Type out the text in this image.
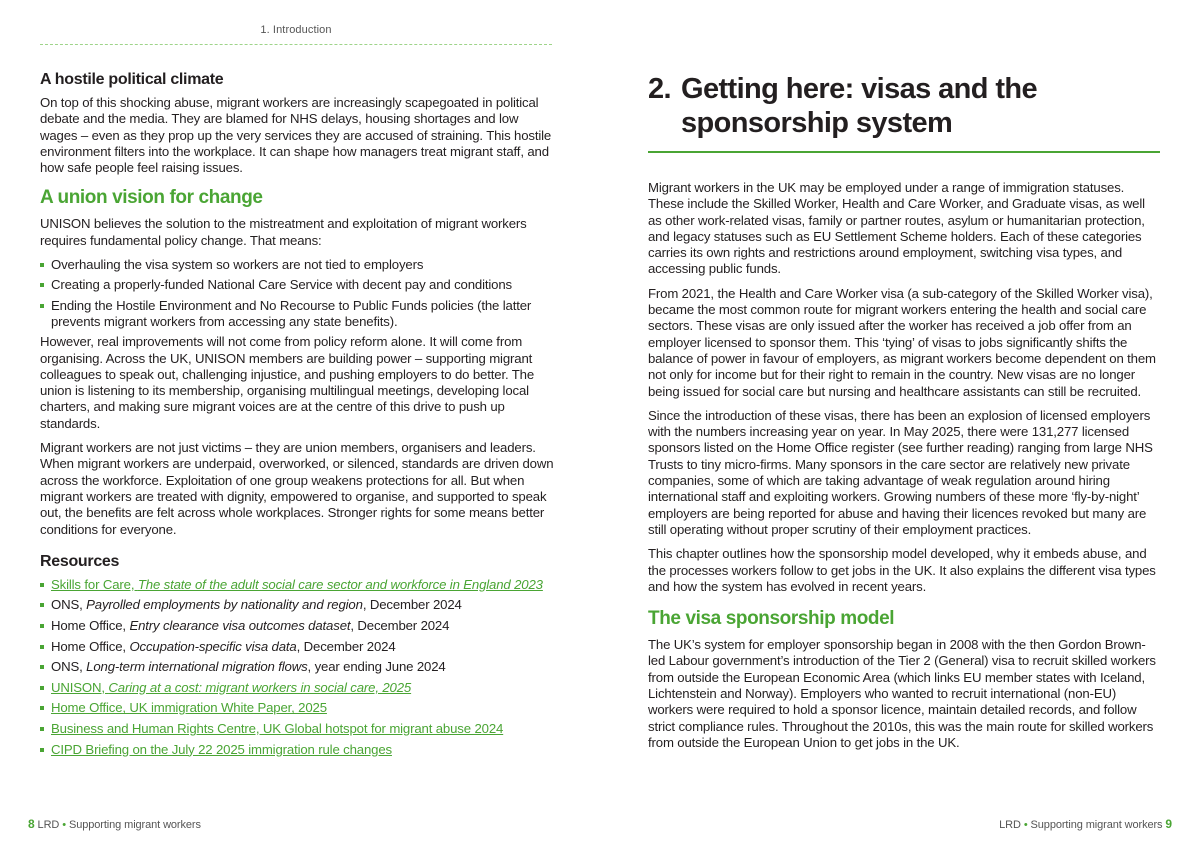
1. Introduction
A hostile political climate

On top of this shocking abuse, migrant workers are increasingly scapegoated in political debate and the media. They are blamed for NHS delays, housing shortages and low wages – even as they prop up the very services they are accused of straining. This hostile environment filters into the workplace. It can shape how managers treat migrant staff, and how safe people feel raising issues.

A union vision for change

UNISON believes the solution to the mistreatment and exploitation of migrant workers requires fundamental policy change. That means:

Overhauling the visa system so workers are not tied to employers
Creating a properly-funded National Care Service with decent pay and conditions
Ending the Hostile Environment and No Recourse to Public Funds policies (the latter prevents migrant workers from accessing any state benefits).

However, real improvements will not come from policy reform alone. It will come from organising. Across the UK, UNISON members are building power – supporting migrant colleagues to speak out, challenging injustice, and pushing employers to do better. The union is listening to its membership, organising multilingual meetings, developing local charters, and making sure migrant voices are at the centre of this drive to push up standards.

Migrant workers are not just victims – they are union members, organisers and leaders. When migrant workers are underpaid, overworked, or silenced, standards are driven down across the workforce. Exploitation of one group weakens protections for all. But when migrant workers are treated with dignity, empowered to organise, and supported to speak out, the benefits are felt across whole workplaces. Stronger rights for some means better conditions for everyone.

Resources
Skills for Care, The state of the adult social care sector and workforce in England 2023
ONS, Payrolled employments by nationality and region, December 2024
Home Office, Entry clearance visa outcomes dataset, December 2024
Home Office, Occupation-specific visa data, December 2024
ONS, Long-term international migration flows, year ending June 2024
UNISON, Caring at a cost: migrant workers in social care, 2025
Home Office, UK immigration White Paper, 2025
Business and Human Rights Centre, UK Global hotspot for migrant abuse 2024
CIPD Briefing on the July 22 2025 immigration rule changes
8 LRD • Supporting migrant workers
2. Getting here: visas and the sponsorship system

Migrant workers in the UK may be employed under a range of immigration statuses. These include the Skilled Worker, Health and Care Worker, and Graduate visas, as well as other work-related visas, family or partner routes, asylum or humanitarian protection, and legacy statuses such as EU Settlement Scheme holders. Each of these categories carries its own rights and restrictions around employment, switching visa types, and accessing public funds.

From 2021, the Health and Care Worker visa (a sub-category of the Skilled Worker visa), became the most common route for migrant workers entering the health and social care sectors. These visas are only issued after the worker has received a job offer from an employer licensed to sponsor them. This ‘tying’ of visas to jobs significantly shifts the balance of power in favour of employers, as migrant workers become dependent on them not only for income but for their right to remain in the country. New visas are no longer being issued for social care but nursing and healthcare assistants can still be recruited.

Since the introduction of these visas, there has been an explosion of licensed employers with the numbers increasing year on year. In May 2025, there were 131,277 licensed sponsors listed on the Home Office register (see further reading) ranging from large NHS Trusts to tiny micro-firms. Many sponsors in the care sector are relatively new private companies, some of which are taking advantage of weak regulation around hiring international staff and exploiting workers. Growing numbers of these more ‘fly-by-night’ employers are being reported for abuse and having their licences revoked but many are still operating without proper scrutiny of their employment practices.

This chapter outlines how the sponsorship model developed, why it embeds abuse, and the processes workers follow to get jobs in the UK. It also explains the different visa types and how the system has evolved in recent years.

The visa sponsorship model

The UK’s system for employer sponsorship began in 2008 with the then Gordon Brown-led Labour government’s introduction of the Tier 2 (General) visa to recruit skilled workers from outside the European Economic Area (which links EU member states with Iceland, Lichtenstein and Norway). Employers who wanted to recruit international (non-EU) workers were required to hold a sponsor licence, maintain detailed records, and follow strict compliance rules. Throughout the 2010s, this was the main route for skilled workers from outside the European Union to get jobs in the UK.

LRD • Supporting migrant workers 9
